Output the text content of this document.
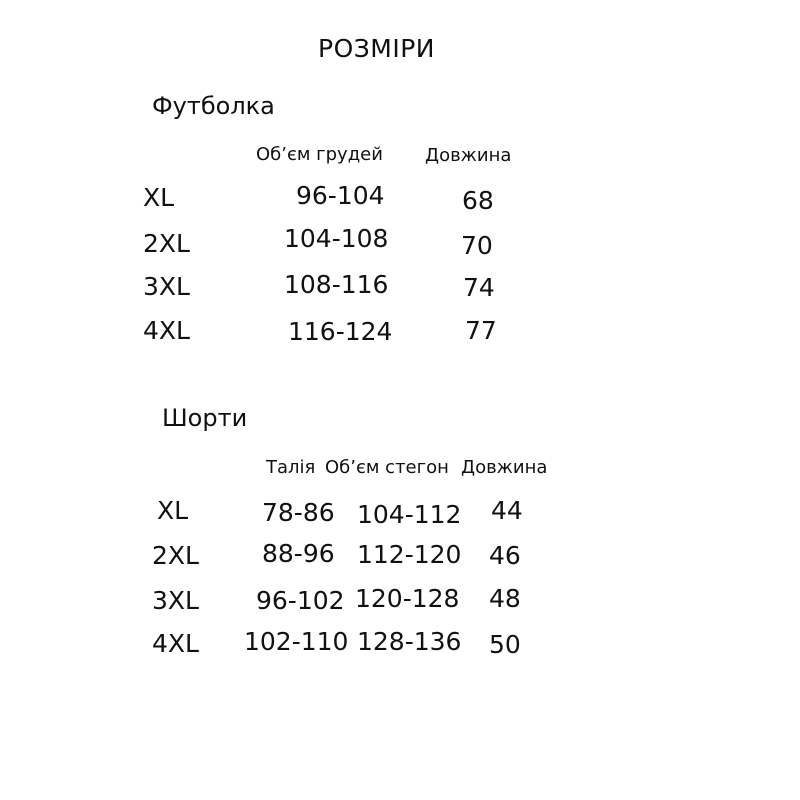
РОЗМІРИ
Футболка
Об’єм грудей Довжина
XL	96-104	68
2XL	104-108	70
3XL	108-116	74
4XL	116-124	77
Шорти
Талія Об’єм стегон Довжина
XL	78-86 104-112 44
2XL	88-96 112-120 46
3XL 96-102 120-128 48
4XL 102-110 128-136 50
